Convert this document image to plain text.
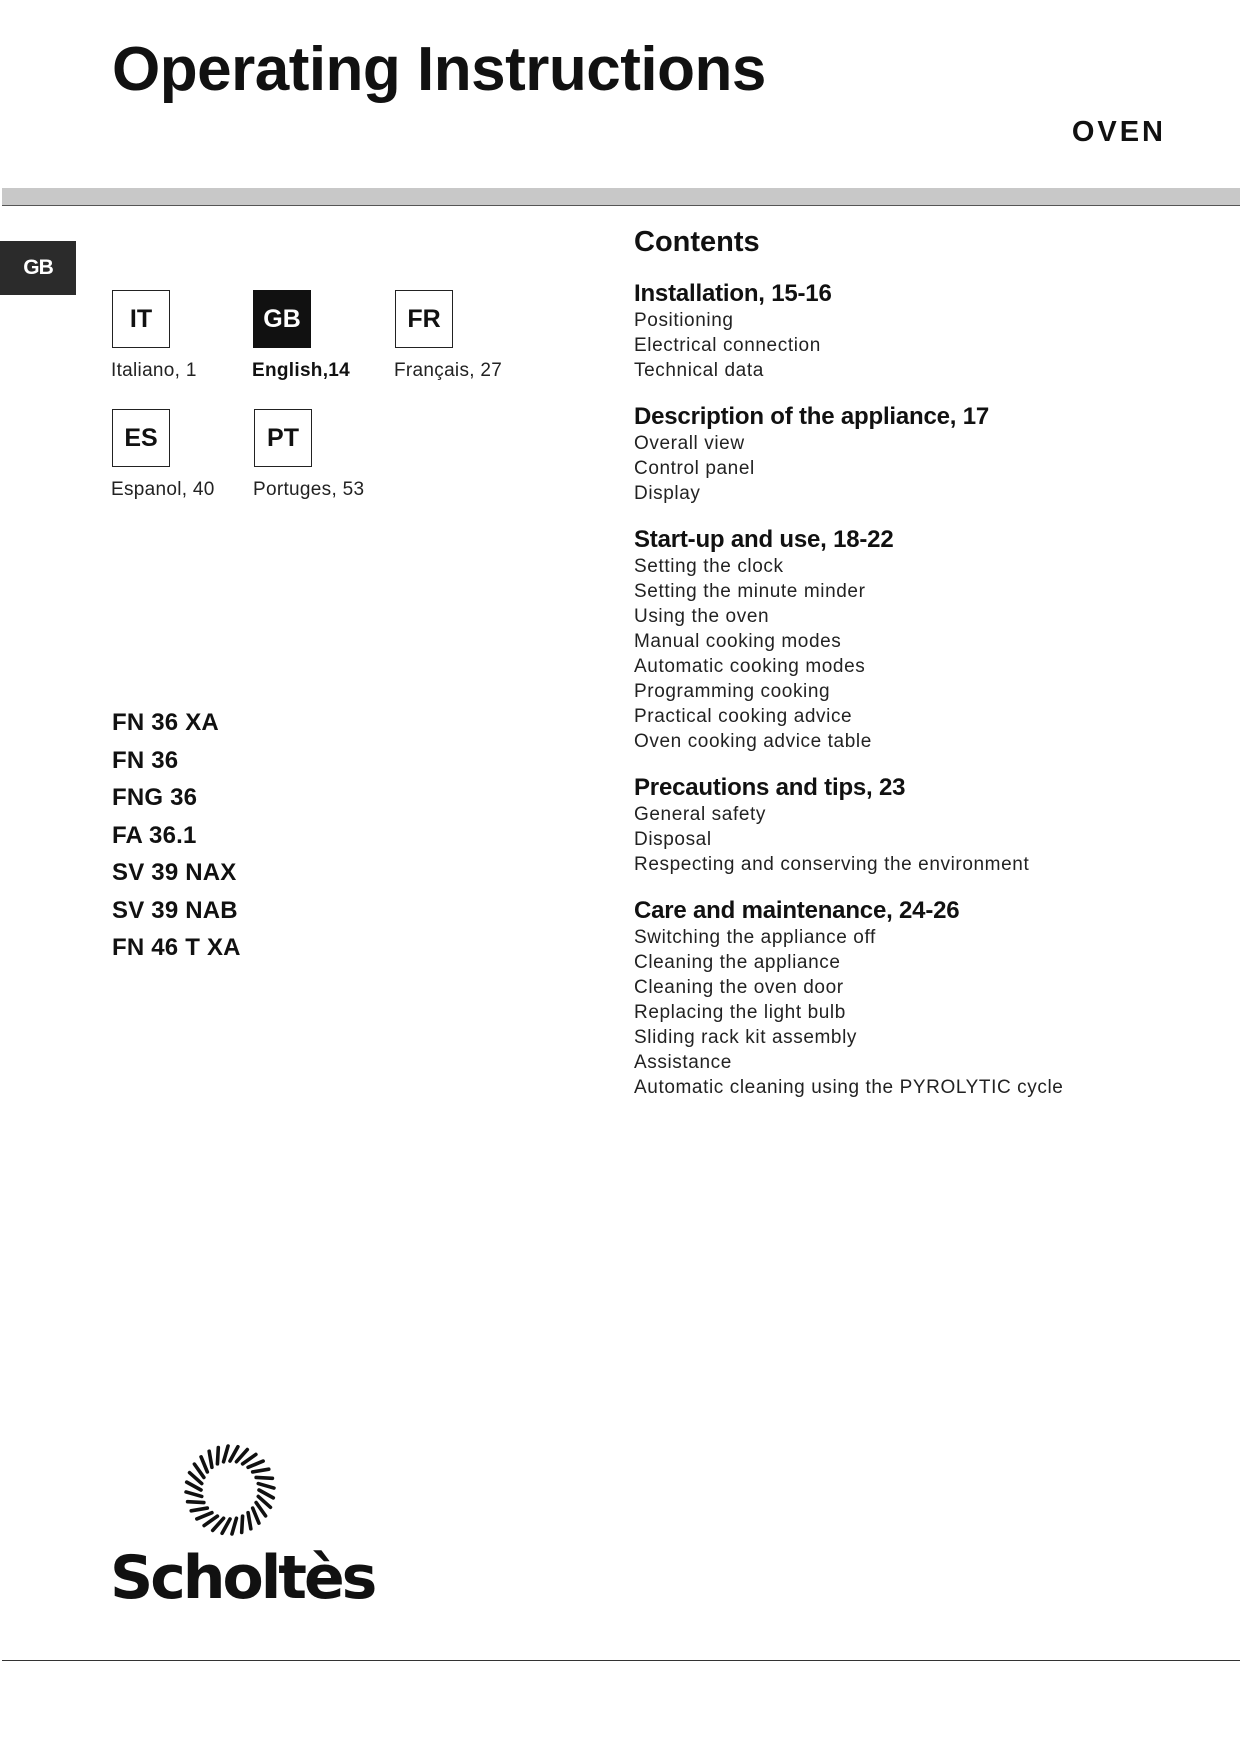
Operating Instructions
OVEN
GB
IT
Italiano, 1
GB
English,14
FR
Français, 27
ES
Espanol, 40
PT
Portuges, 53
FN 36 XA
FN 36
FNG 36
FA 36.1
SV 39 NAX
SV 39 NAB
FN 46 T XA
Contents
Installation, 15-16
Positioning
Electrical connection
Technical data
Description of the appliance, 17
Overall view
Control panel
Display
Start-up and use, 18-22
Setting the clock
Setting the minute minder
Using the oven
Manual cooking modes
Automatic cooking modes
Programming cooking
Practical cooking advice
Oven cooking advice table
Precautions and tips, 23
General safety
Disposal
Respecting and conserving the environment
Care and maintenance, 24-26
Switching the appliance off
Cleaning the appliance
Cleaning the oven door
Replacing the light bulb
Sliding rack kit assembly
Assistance
Automatic cleaning using the PYROLYTIC cycle
Scholtès
